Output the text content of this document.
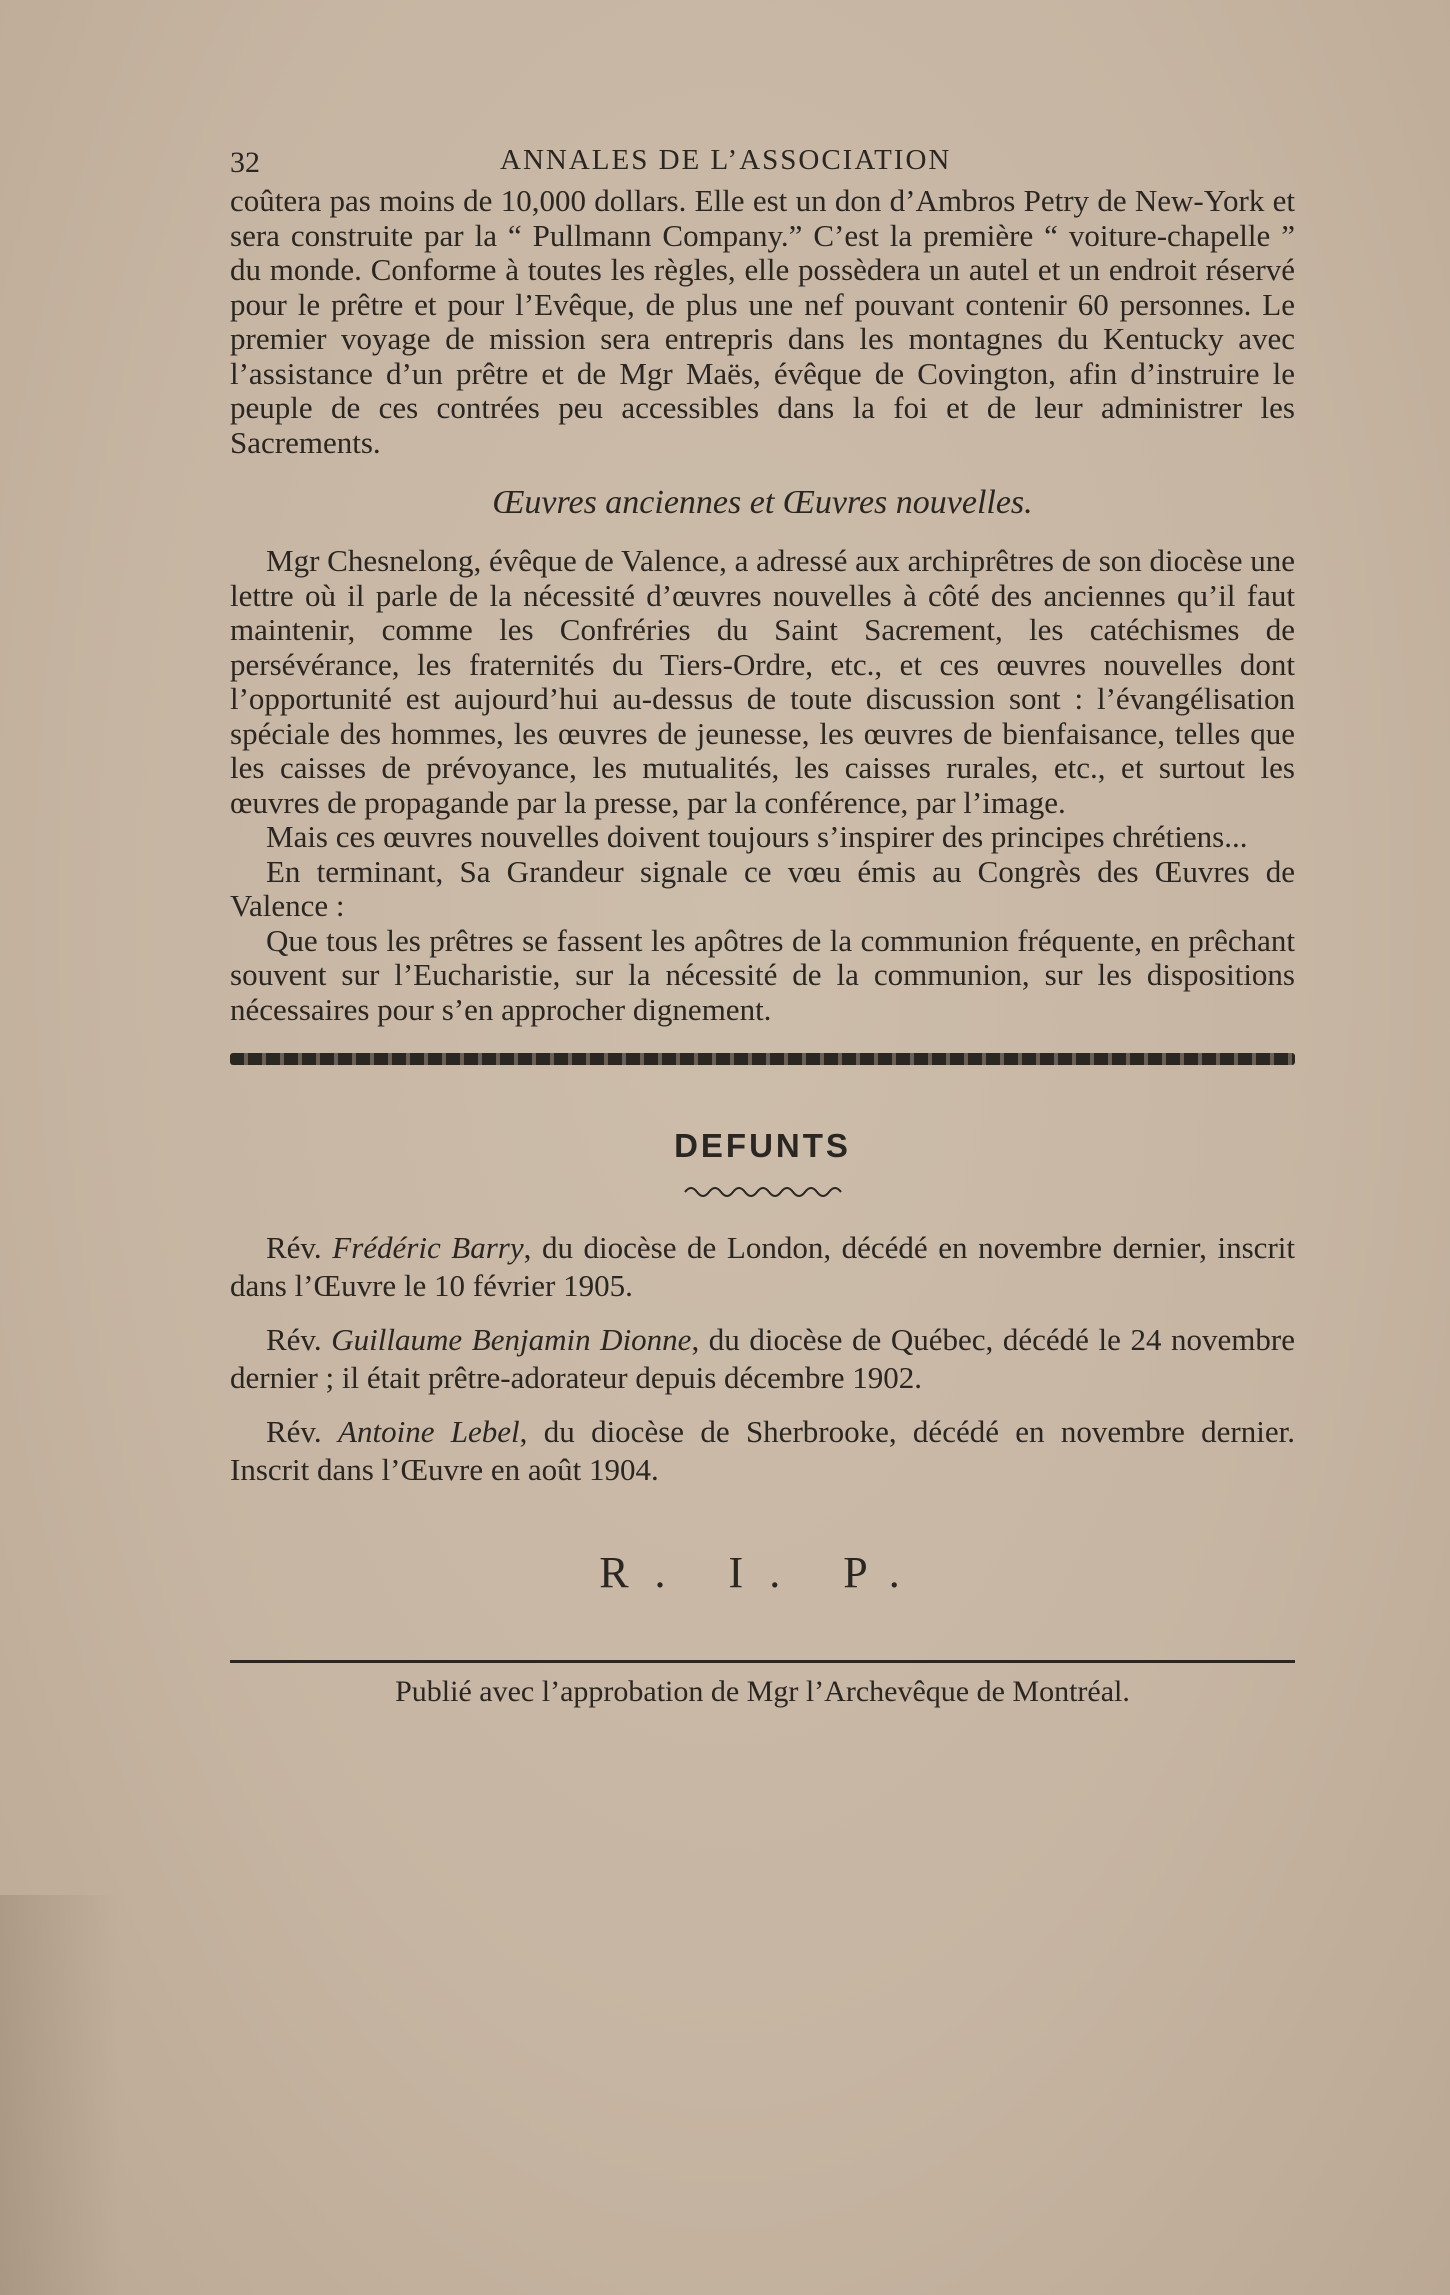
32	ANNALES DE L’ASSOCIATION

coûtera pas moins de 10,000 dollars. Elle est un don d’Ambros Petry de New-York et sera construite par la “ Pullmann Company.” C’est la première “ voiture-chapelle ” du monde. Conforme à toutes les règles, elle possèdera un autel et un endroit réservé pour le prêtre et pour l’Evêque, de plus une nef pouvant contenir 60 personnes. Le premier voyage de mission sera entrepris dans les montagnes du Kentucky avec l’assistance d’un prêtre et de Mgr Maës, évêque de Covington, afin d’instruire le peuple de ces contrées peu accessibles dans la foi et de leur administrer les Sacrements.

Œuvres anciennes et Œuvres nouvelles.

Mgr Chesnelong, évêque de Valence, a adressé aux archiprêtres de son diocèse une lettre où il parle de la nécessité d’œuvres nouvelles à côté des anciennes qu’il faut maintenir, comme les Confréries du Saint Sacrement, les catéchismes de persévérance, les fraternités du Tiers-Ordre, etc., et ces œuvres nouvelles dont l’opportunité est aujourd’hui au-dessus de toute discussion sont : l’évangélisation spéciale des hommes, les œuvres de jeunesse, les œuvres de bienfaisance, telles que les caisses de prévoyance, les mutualités, les caisses rurales, etc., et surtout les œuvres de propagande par la presse, par la conférence, par l’image.

Mais ces œuvres nouvelles doivent toujours s’inspirer des principes chrétiens...

En terminant, Sa Grandeur signale ce vœu émis au Congrès des Œuvres de Valence :

Que tous les prêtres se fassent les apôtres de la communion fréquente, en prêchant souvent sur l’Eucharistie, sur la nécessité de la communion, sur les dispositions nécessaires pour s’en approcher dignement.

DEFUNTS

Rév. Frédéric Barry, du diocèse de London, décédé en novembre dernier, inscrit dans l’Œuvre le 10 février 1905.

Rév. Guillaume Benjamin Dionne, du diocèse de Québec, décédé le 24 novembre dernier ; il était prêtre-adorateur depuis décembre 1902.

Rév. Antoine Lebel, du diocèse de Sherbrooke, décédé en novembre dernier. Inscrit dans l’Œuvre en août 1904.

R. I. P.
Publié avec l’approbation de Mgr l’Archevêque de Montréal.
